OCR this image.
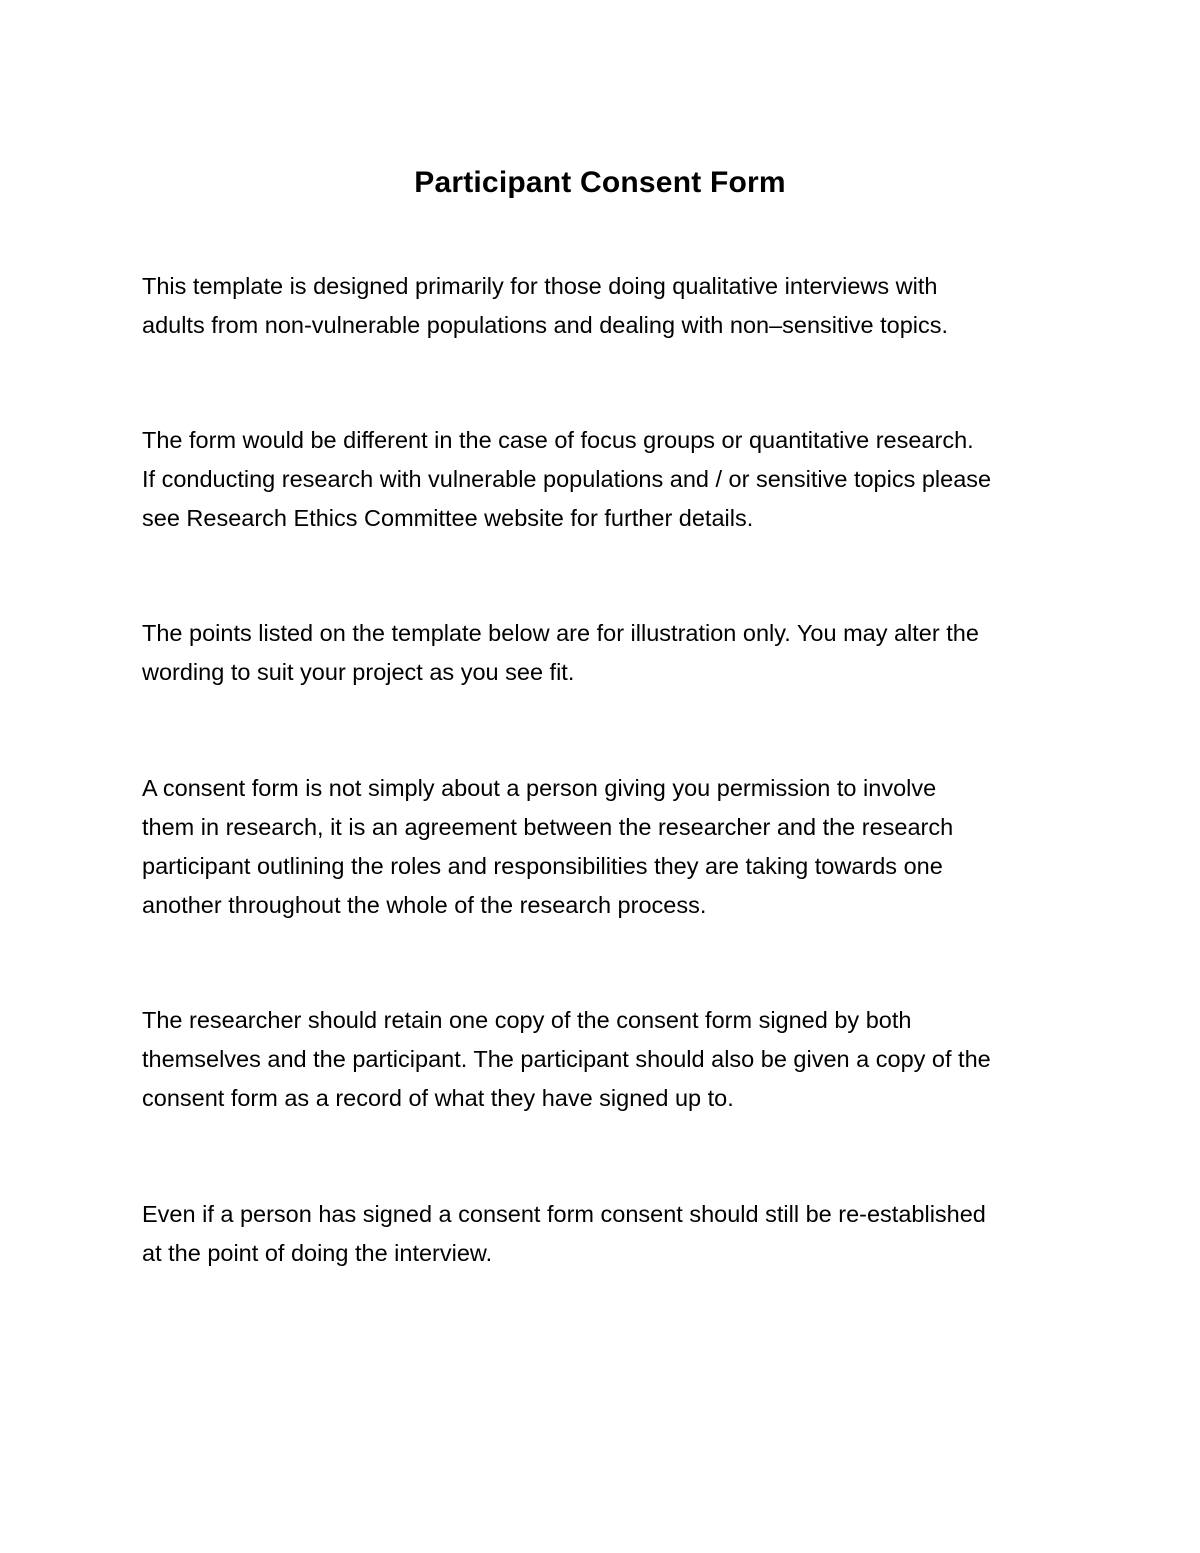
Participant Consent Form

This template is designed primarily for those doing qualitative interviews with
adults from non-vulnerable populations and dealing with non–sensitive topics.

The form would be different in the case of focus groups or quantitative research.
If conducting research with vulnerable populations and / or sensitive topics please
see Research Ethics Committee website for further details.

The points listed on the template below are for illustration only. You may alter the
wording to suit your project as you see fit.

A consent form is not simply about a person giving you permission to involve
them in research, it is an agreement between the researcher and the research
participant outlining the roles and responsibilities they are taking towards one
another throughout the whole of the research process.

The researcher should retain one copy of the consent form signed by both
themselves and the participant. The participant should also be given a copy of the
consent form as a record of what they have signed up to.

Even if a person has signed a consent form consent should still be re-established
at the point of doing the interview.
